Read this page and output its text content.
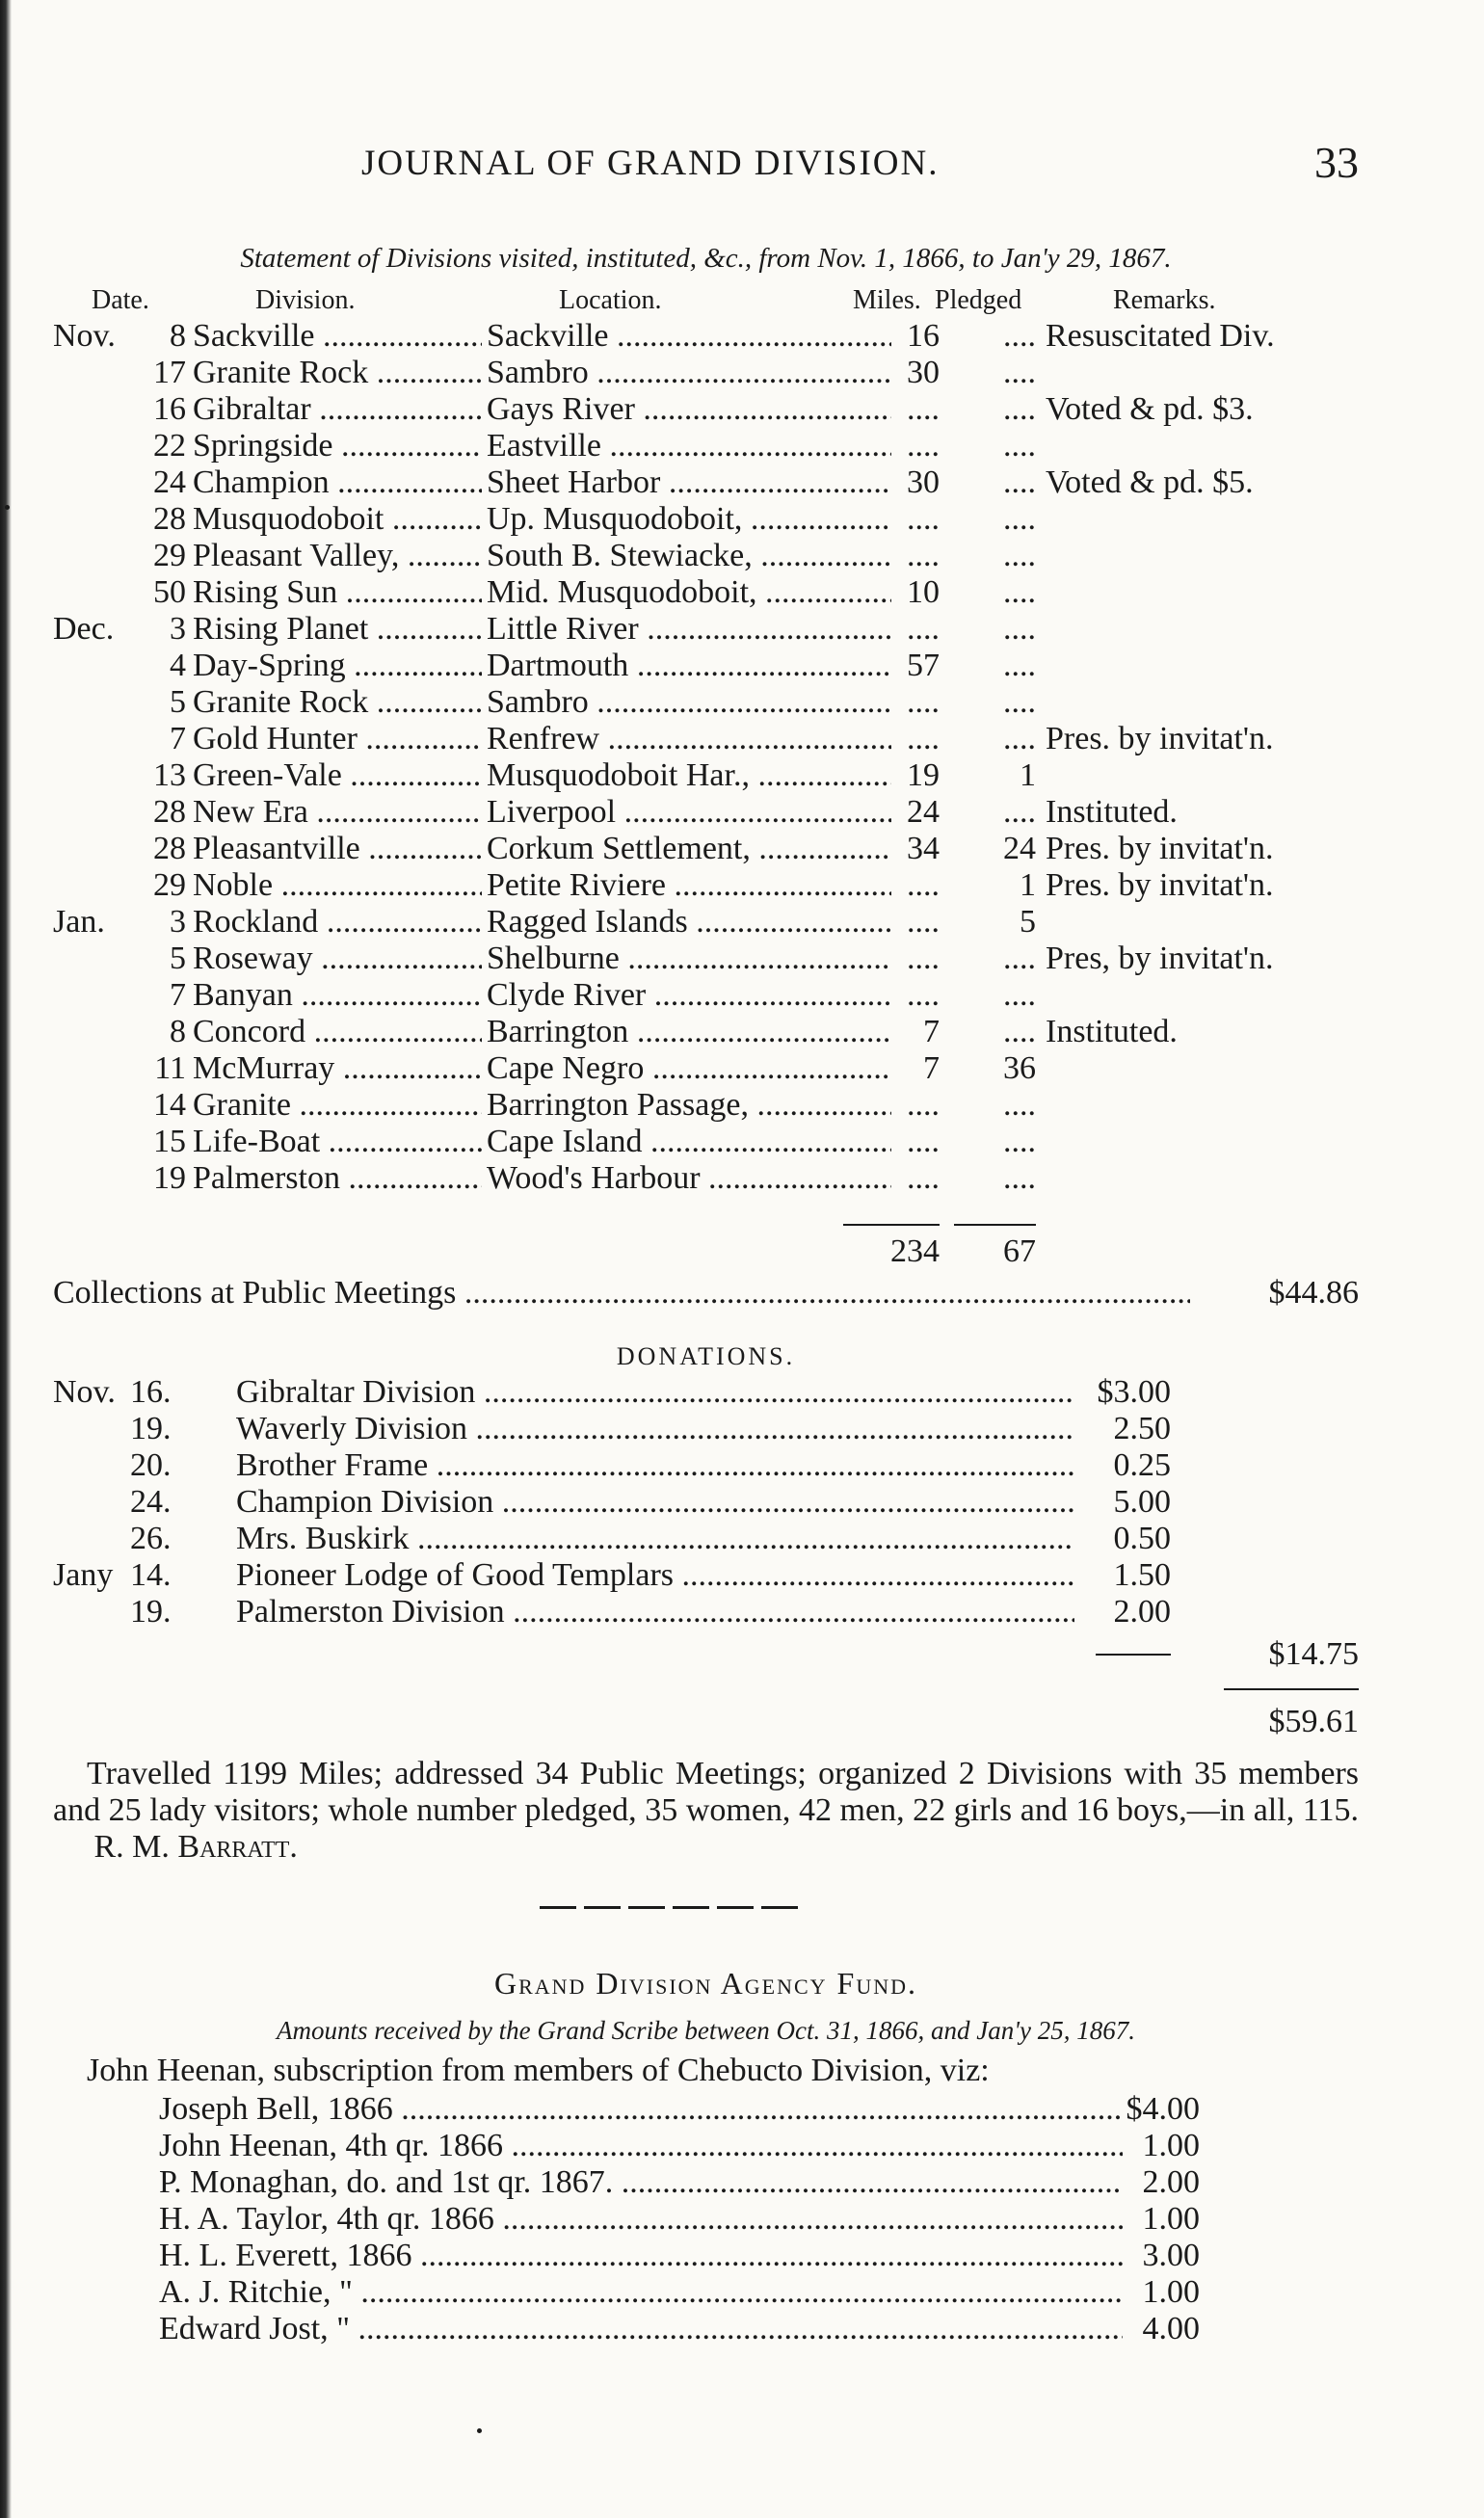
JOURNAL OF GRAND DIVISION.	33
Statement of Divisions visited, instituted, &c., from Nov. 1, 1866, to Jan'y 29, 1867.
Date.	Division.	Location.	Miles. Pledged	Remarks.
Nov.	8 Sackville .....	Sackville .....	16	.... Resuscitated Div.
17 Granite Rock .....	Sambro .....	30	....
16 Gibraltar .....	Gays River .....	....	.... Voted & pd. $3.
22 Springside .....	Eastville .....	....	....
24 Champion .....	Sheet Harbor .....	30	.... Voted & pd. $5.
28 Musquodoboit .....	Up. Musquodoboit, .....	....	....
29 Pleasant Valley, .....	South B. Stewiacke, .....	....	....
50 Rising Sun .....	Mid. Musquodoboit, .....	10	....
Dec.	3 Rising Planet .....	Little River .....	....	....
4 Day-Spring .....	Dartmouth .....	57	....
5 Granite Rock .....	Sambro .....	....	....
7 Gold Hunter .....	Renfrew .....	....	.... Pres. by invitat'n.
13 Green-Vale .....	Musquodoboit Har., .....	19	1
28 New Era .....	Liverpool .....	24	.... Instituted.
28 Pleasantville .....	Corkum Settlement, .....	34	24 Pres. by invitat'n.
29 Noble .....	Petite Riviere .....	....	1 Pres. by invitat'n.
Jan.	3 Rockland .....	Ragged Islands .....	....	5
5 Roseway .....	Shelburne .....	....	.... Pres, by invitat'n.
7 Banyan .....	Clyde River .....	....	....
8 Concord .....	Barrington .....	7	.... Instituted.
11 McMurray .....	Cape Negro .....	7	36
14 Granite .....	Barrington Passage, .....	....	....
15 Life-Boat .....	Cape Island .....	....	....
19 Palmerston .....	Wood's Harbour .....	....	....
234	67
Collections at Public Meetings .....	$44.86
DONATIONS.
Nov. 16.	Gibraltar Division .....	$3.00
19.	Waverly Division .....	2.50
20.	Brother Frame .....	0.25
24.	Champion Division .....	5.00
26.	Mrs. Buskirk .....	0.50
Jany 14.	Pioneer Lodge of Good Templars .....	1.50
19.	Palmerston Division .....	2.00
$14.75
$59.61
Travelled 1199 Miles; addressed 34 Public Meetings; organized 2 Divisions with 35 members and 25 lady visitors; whole number pledged, 35 women, 42 men, 22 girls and 16 boys,—in all, 115.      R. M. Barratt.
Grand Division Agency Fund.
Amounts received by the Grand Scribe between Oct. 31, 1866, and Jan'y 25, 1867.
John Heenan, subscription from members of Chebucto Division, viz:
Joseph Bell, 1866 .....	$4.00
John Heenan, 4th qr. 1866 .....	1.00
P. Monaghan, do. and 1st qr. 1867. .....	2.00
H. A. Taylor, 4th qr. 1866 .....	1.00
H. L. Everett, 1866 .....	3.00
A. J. Ritchie, " .....	1.00
Edward Jost, " .....	4.00
